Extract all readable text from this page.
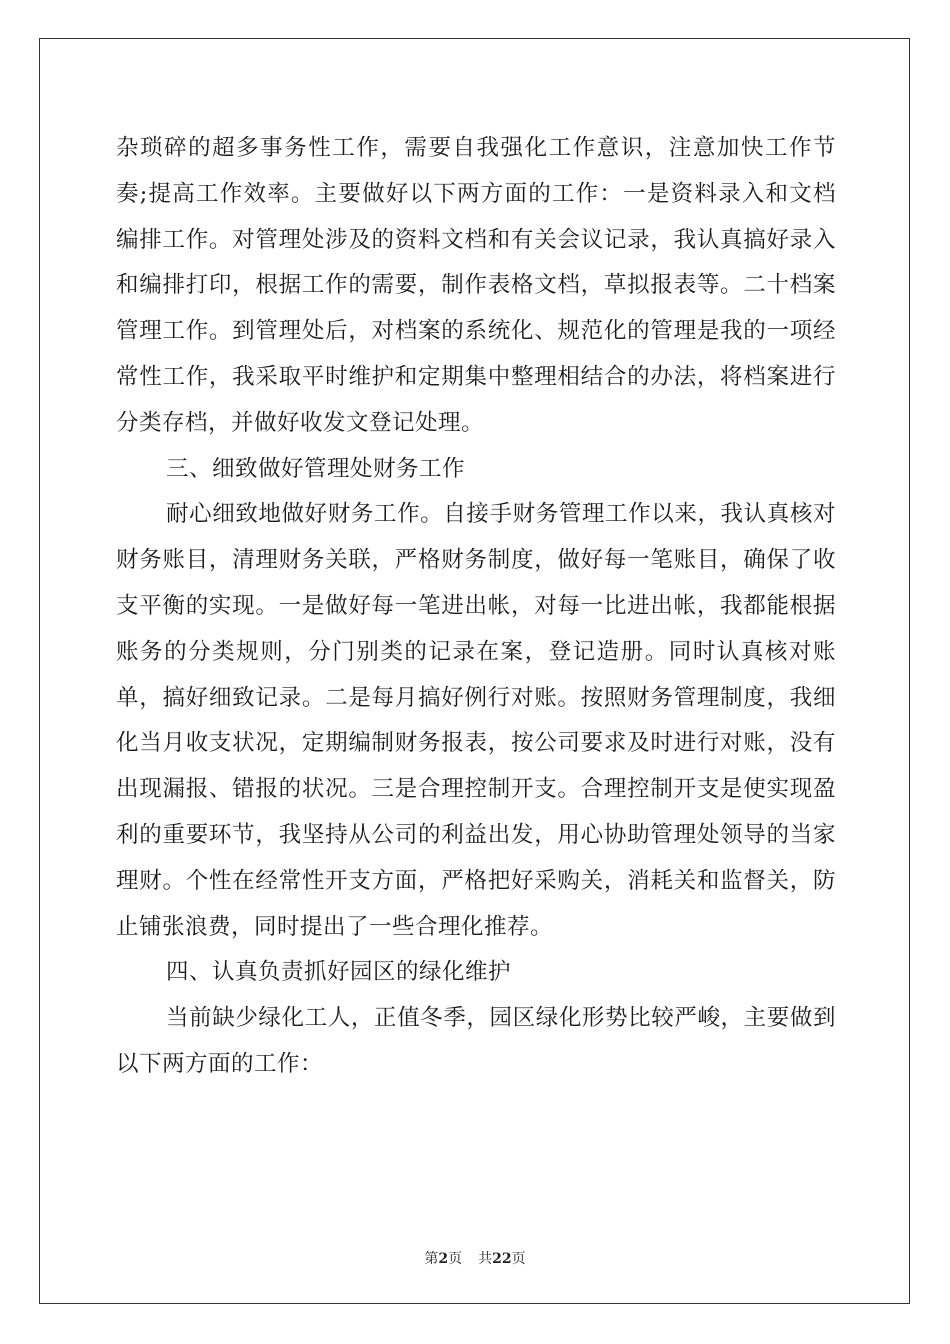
杂琐碎的超多事务性工作，需要自我强化工作意识，注意加快工作节奏;提高工作效率。主要做好以下两方面的工作：一是资料录入和文档编排工作。对管理处涉及的资料文档和有关会议记录，我认真搞好录入和编排打印，根据工作的需要，制作表格文档，草拟报表等。二十档案管理工作。到管理处后，对档案的系统化、规范化的管理是我的一项经常性工作，我采取平时维护和定期集中整理相结合的办法，将档案进行分类存档，并做好收发文登记处理。

三、细致做好管理处财务工作

耐心细致地做好财务工作。自接手财务管理工作以来，我认真核对财务账目，清理财务关联，严格财务制度，做好每一笔账目，确保了收支平衡的实现。一是做好每一笔进出帐，对每一比进出帐，我都能根据账务的分类规则，分门别类的记录在案，登记造册。同时认真核对账单，搞好细致记录。二是每月搞好例行对账。按照财务管理制度，我细化当月收支状况，定期编制财务报表，按公司要求及时进行对账，没有出现漏报、错报的状况。三是合理控制开支。合理控制开支是使实现盈利的重要环节，我坚持从公司的利益出发，用心协助管理处领导的当家理财。个性在经常性开支方面，严格把好采购关，消耗关和监督关，防止铺张浪费，同时提出了一些合理化推荐。

四、认真负责抓好园区的绿化维护

当前缺少绿化工人，正值冬季，园区绿化形势比较严峻，主要做到以下两方面的工作：

第2页 共22页
